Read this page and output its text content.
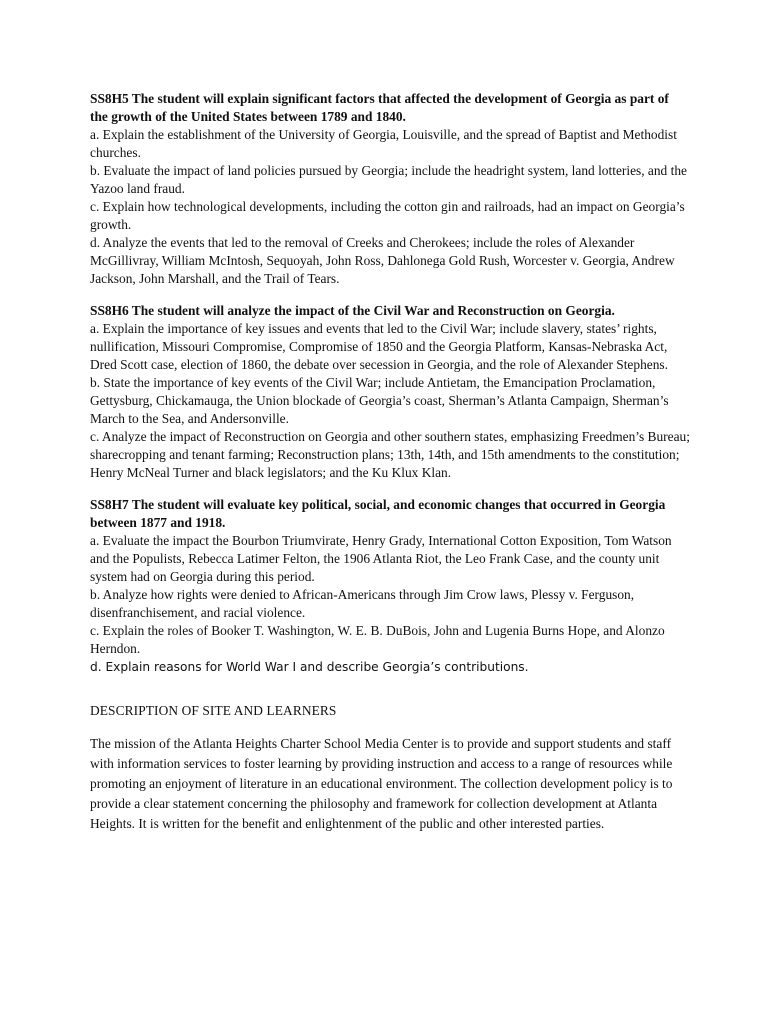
SS8H5 The student will explain significant factors that affected the development of Georgia as part of the growth of the United States between 1789 and 1840.

a. Explain the establishment of the University of Georgia, Louisville, and the spread of Baptist and Methodist churches.

b. Evaluate the impact of land policies pursued by Georgia; include the headright system, land lotteries, and the Yazoo land fraud.

c. Explain how technological developments, including the cotton gin and railroads, had an impact on Georgia’s growth.

d. Analyze the events that led to the removal of Creeks and Cherokees; include the roles of Alexander McGillivray, William McIntosh, Sequoyah, John Ross, Dahlonega Gold Rush, Worcester v. Georgia, Andrew Jackson, John Marshall, and the Trail of Tears.

SS8H6 The student will analyze the impact of the Civil War and Reconstruction on Georgia.

a. Explain the importance of key issues and events that led to the Civil War; include slavery, states’ rights, nullification, Missouri Compromise, Compromise of 1850 and the Georgia Platform, Kansas-Nebraska Act, Dred Scott case, election of 1860, the debate over secession in Georgia, and the role of Alexander Stephens.

b. State the importance of key events of the Civil War; include Antietam, the Emancipation Proclamation, Gettysburg, Chickamauga, the Union blockade of Georgia’s coast, Sherman’s Atlanta Campaign, Sherman’s March to the Sea, and Andersonville.

c. Analyze the impact of Reconstruction on Georgia and other southern states, emphasizing Freedmen’s Bureau; sharecropping and tenant farming; Reconstruction plans; 13th, 14th, and 15th amendments to the constitution; Henry McNeal Turner and black legislators; and the Ku Klux Klan.

SS8H7 The student will evaluate key political, social, and economic changes that occurred in Georgia between 1877 and 1918.

a. Evaluate the impact the Bourbon Triumvirate, Henry Grady, International Cotton Exposition, Tom Watson and the Populists, Rebecca Latimer Felton, the 1906 Atlanta Riot, the Leo Frank Case, and the county unit system had on Georgia during this period.

b. Analyze how rights were denied to African-Americans through Jim Crow laws, Plessy v. Ferguson, disenfranchisement, and racial violence.

c. Explain the roles of Booker T. Washington, W. E. B. DuBois, John and Lugenia Burns Hope, and Alonzo Herndon.

d. Explain reasons for World War I and describe Georgia’s contributions.

DESCRIPTION OF SITE AND LEARNERS

The mission of the Atlanta Heights Charter School Media Center is to provide and support students and staff with information services to foster learning by providing instruction and access to a range of resources while promoting an enjoyment of literature in an educational environment. The collection development policy is to provide a clear statement concerning the philosophy and framework for collection development at Atlanta Heights. It is written for the benefit and enlightenment of the public and other interested parties.
